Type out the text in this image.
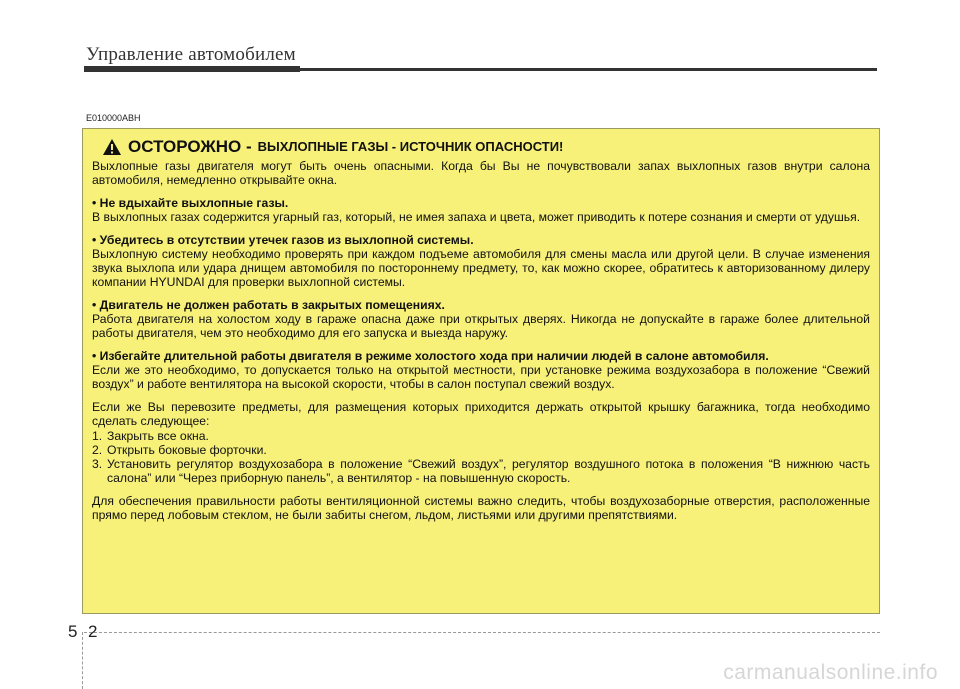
Управление автомобилем
E010000ABH
ОСТОРОЖНО - ВЫХЛОПНЫЕ ГАЗЫ - ИСТОЧНИК ОПАСНОСТИ!

Выхлопные газы двигателя могут быть очень опасными. Когда бы Вы не почувствовали запах выхлопных газов внутри салона автомобиля, немедленно открывайте окна.

• Не вдыхайте выхлопные газы.

В выхлопных газах содержится угарный газ, который, не имея запаха и цвета, может приводить к потере сознания и смерти от удушья.

• Убедитесь в отсутствии утечек газов из выхлопной системы.

Выхлопную систему необходимо проверять при каждом подъеме автомобиля для смены масла или другой цели. В случае изменения звука выхлопа или удара днищем автомобиля по постороннему предмету, то, как можно скорее, обратитесь к авторизованному дилеру компании HYUNDAI для проверки выхлопной системы.

• Двигатель не должен работать в закрытых помещениях.

Работа двигателя на холостом ходу в гараже опасна даже при открытых дверях. Никогда не допускайте в гараже более длительной работы двигателя, чем это необходимо для его запуска и выезда наружу.

• Избегайте длительной работы двигателя в режиме холостого хода при наличии людей в салоне автомобиля.

Если же это необходимо, то допускается только на открытой местности, при установке режима воздухозабора в положение “Свежий воздух” и работе вентилятора на высокой скорости, чтобы в салон поступал свежий воздух.

Если же Вы перевозите предметы, для размещения которых приходится держать открытой крышку багажника, тогда необходимо сделать следующее:

1. Закрыть все окна.
2. Открыть боковые форточки.
3. Установить регулятор воздухозабора в положение “Свежий воздух”, регулятор воздушного потока в положения “В нижнюю часть салона” или “Через приборную панель”, а вентилятор - на повышенную скорость.

Для обеспечения правильности работы вентиляционной системы важно следить, чтобы воздухозаборные отверстия, расположенные прямо перед лобовым стеклом, не были забиты снегом, льдом, листьями или другими препятствиями.

5 2
carmanualsonline.info
